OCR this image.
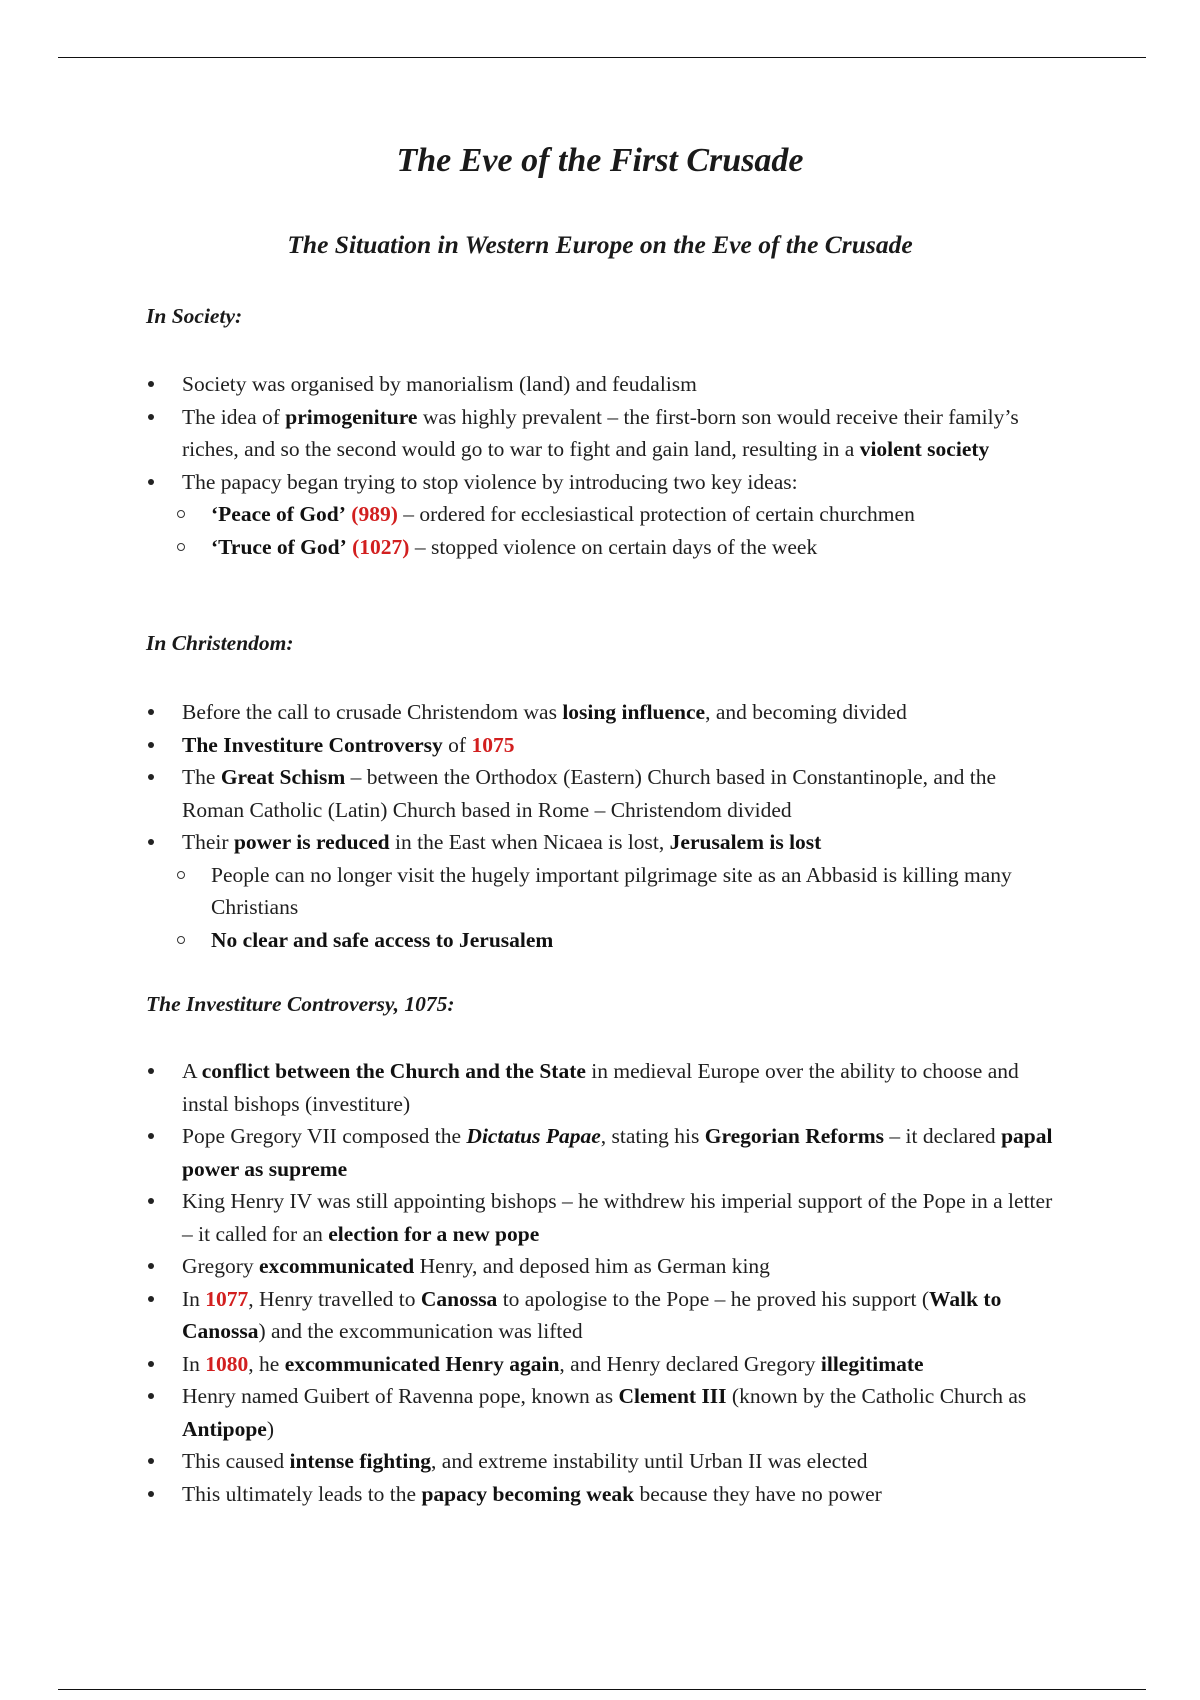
The Eve of the First Crusade
The Situation in Western Europe on the Eve of the Crusade

In Society:

Society was organised by manorialism (land) and feudalism
The idea of primogeniture was highly prevalent – the first-born son would receive their family’s riches, and so the second would go to war to fight and gain land, resulting in a violent society
The papacy began trying to stop violence by introducing two key ideas:
‘Peace of God’ (989) – ordered for ecclesiastical protection of certain churchmen
‘Truce of God’ (1027) – stopped violence on certain days of the week

In Christendom:

Before the call to crusade Christendom was losing influence, and becoming divided
The Investiture Controversy of 1075
The Great Schism – between the Orthodox (Eastern) Church based in Constantinople, and the Roman Catholic (Latin) Church based in Rome – Christendom divided
Their power is reduced in the East when Nicaea is lost, Jerusalem is lost
People can no longer visit the hugely important pilgrimage site as an Abbasid is killing many Christians
No clear and safe access to Jerusalem

The Investiture Controversy, 1075:

A conflict between the Church and the State in medieval Europe over the ability to choose and instal bishops (investiture)
Pope Gregory VII composed the Dictatus Papae, stating his Gregorian Reforms – it declared papal power as supreme
King Henry IV was still appointing bishops – he withdrew his imperial support of the Pope in a letter – it called for an election for a new pope
Gregory excommunicated Henry, and deposed him as German king
In 1077, Henry travelled to Canossa to apologise to the Pope – he proved his support (Walk to Canossa) and the excommunication was lifted
In 1080, he excommunicated Henry again, and Henry declared Gregory illegitimate
Henry named Guibert of Ravenna pope, known as Clement III (known by the Catholic Church as Antipope)
This caused intense fighting, and extreme instability until Urban II was elected
This ultimately leads to the papacy becoming weak because they have no power
